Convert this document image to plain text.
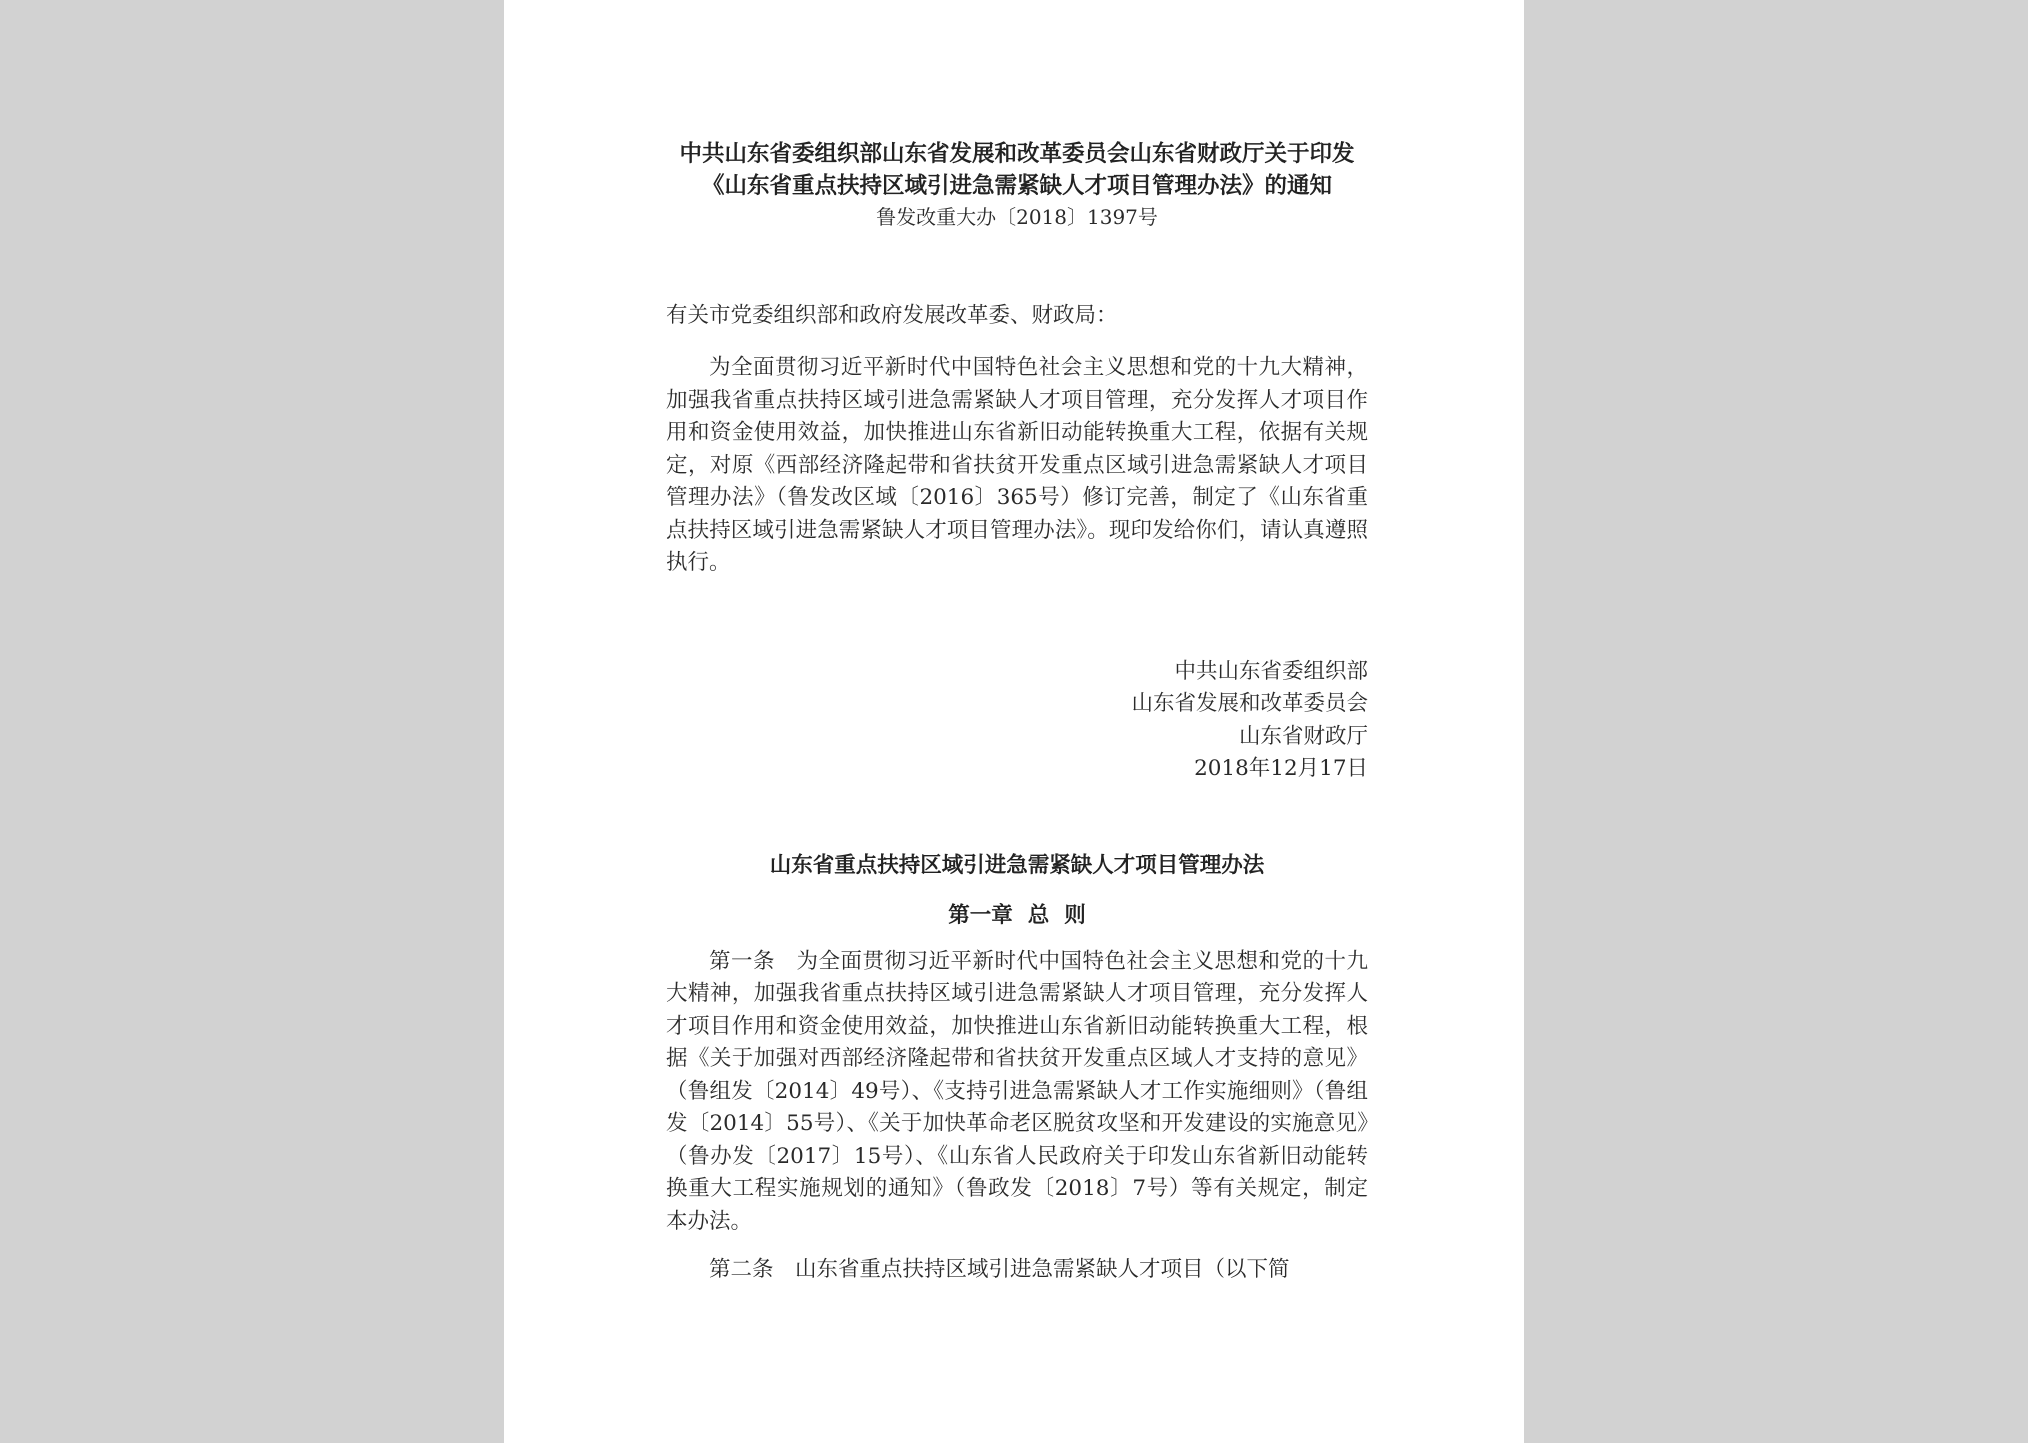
中共山东省委组织部山东省发展和改革委员会山东省财政厅关于印发《山东省重点扶持区域引进急需紧缺人才项目管理办法》的通知

鲁发改重大办〔2018〕1397号

有关市党委组织部和政府发展改革委、财政局：

为全面贯彻习近平新时代中国特色社会主义思想和党的十九大精神，加强我省重点扶持区域引进急需紧缺人才项目管理，充分发挥人才项目作用和资金使用效益，加快推进山东省新旧动能转换重大工程，依据有关规定，对原《西部经济隆起带和省扶贫开发重点区域引进急需紧缺人才项目管理办法》（鲁发改区域〔2016〕365号）修订完善，制定了《山东省重点扶持区域引进急需紧缺人才项目管理办法》。现印发给你们，请认真遵照执行。

中共山东省委组织部
山东省发展和改革委员会
山东省财政厅
2018年12月17日
山东省重点扶持区域引进急需紧缺人才项目管理办法
第一章  总  则

第一条 为全面贯彻习近平新时代中国特色社会主义思想和党的十九大精神，加强我省重点扶持区域引进急需紧缺人才项目管理，充分发挥人才项目作用和资金使用效益，加快推进山东省新旧动能转换重大工程，根据《关于加强对西部经济隆起带和省扶贫开发重点区域人才支持的意见》（鲁组发〔2014〕49号）、《支持引进急需紧缺人才工作实施细则》（鲁组发〔2014〕55号）、《关于加快革命老区脱贫攻坚和开发建设的实施意见》（鲁办发〔2017〕15号）、《山东省人民政府关于印发山东省新旧动能转换重大工程实施规划的通知》（鲁政发〔2018〕7号）等有关规定，制定本办法。

第二条 山东省重点扶持区域引进急需紧缺人才项目（以下简
